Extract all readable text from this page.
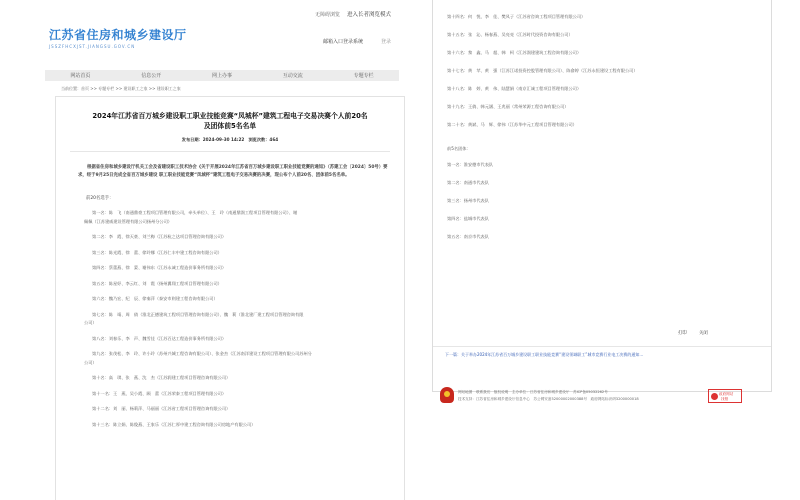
无障碍浏览 进入长者浏览模式
江苏省住房和城乡建设厅
JSSZFHCXJST.JIANGSU.GOV.CN
邮箱入口登录系统	登录
网站首页	信息公开	网上办事	互动交流	专题专栏
当前位置：首页 >> 专题专栏 >> 建设职工之家 >> 建设职工之家
2024年江苏省百万城乡建设职工职业技能竞赛“凤城杯”建筑工程电子交易决赛个人前20名及团体前5名名单
发布日期：2024-09-30 14:22　浏览次数：464
根据省住房和城乡建设厅机关工会及省建设职工技术协会《关于开展2024年江苏省百万城乡建设职工职业技能竞赛的通知》（苏建工会〔2024〕50号）要求，经于9月25日完成全省百万城乡建设 职工职业技能竞赛“凤城杯”建筑工程电子交易决赛的决赛，现公布个人前20名、团体前5名名单。
前20名选手：
第一名：陈　飞（南通鼎豪工程项目管理有限公司，牵头单位）、王　玲（南通鼎润工程项目管理有限公司）、谢
佩佩（江苏建威建设管理有限公司扬州分公司）
第二名：李　霞、徐天豪、刘兰梅（江苏杭之达项目管理咨询有限公司）
第三名：陈光霞、徐　蕾、徐玲娜（江苏仁丰中建工程咨询有限公司）
第四名：蔡蕾燕、徐　蒙、谢伟东（江苏永诚工程造价事务所有限公司）
第五名：陈星妤、李云红、刘　霞（扬州翼翔工程项目管理有限公司）
第六名：魏乃宏、纪　辰、徐秦萍（泰安市则建工程咨询有限公司）
第七名：陈　靖、周　倩（淮北正德建筑工程项目管理咨询有限公司）、魏　莉（淮北建厂建工程项目管理咨询有限
公司）
第八名：刘春乐、李　声、魏雪佳（江苏百达工程造价事务所有限公司）
第九名：张茂松、李　玲、许小玲（苏州兴城工程咨询有限公司）、张金杰（江苏南洋建设工程项目管理有限公司苏州分
公司）
第十名：高　琪、张　燕、沈　杰（江苏润建工程项目管理咨询有限公司）
第十一名：王　燕、吴小霞、顾　蕾（江苏荣泰工程项目管理有限公司）
第十二名：刘　丽、杨莉萍、马丽丽（江苏省工程项目管理咨询有限公司）
第十三名：陈立娟、陈俊燕、王家乐（江苏仁厚中建工程咨询有限公司房地产有限公司）
第十四名：何　悦、李　佳、樊凤子（江苏省咨询工程项目管理有限公司）
第十五名：张　沁、杨春燕、吴亮亮（江苏时代投资咨询有限公司）
第十六名：黎　鑫、马　超、韩　柯（江苏润建建筑工程咨询有限公司）
第十七名：黄　苹、黄　强（江苏江诺投资控股管理有限公司）、陈俞婷（江苏永恒建设工程有限公司）
第十八名：陈　婷、黄　伟、陆慧娟（南京汇诚工程项目管理有限公司）
第十九名：王倩、韩元涵、王兆丽（常州荣源工程咨询有限公司）
第二十名：黄斌、马　辉、徐伟（江苏华中元工程项目管理有限公司）
前5名团体：
第一名：淮安德市代表队
第二名：南通市代表队
第三名：扬州市代表队
第四名：盐城市代表队
第五名：南京市代表队
打印	关闭
下一篇：关于举办2024年江苏省百万城乡建设职工职业技能竞赛“建设领域职工”城市竞赛行业电工决赛的通知…
网站地图　联系我们　版权说明　主办单位：江苏省住房和城乡建设厅　苏ICP备05032262号
技术支持：江苏省住房和城乡建设厅信息中心　苏公网安备32000002000388号　政府网站标识码3200000018
政府网站
找错
